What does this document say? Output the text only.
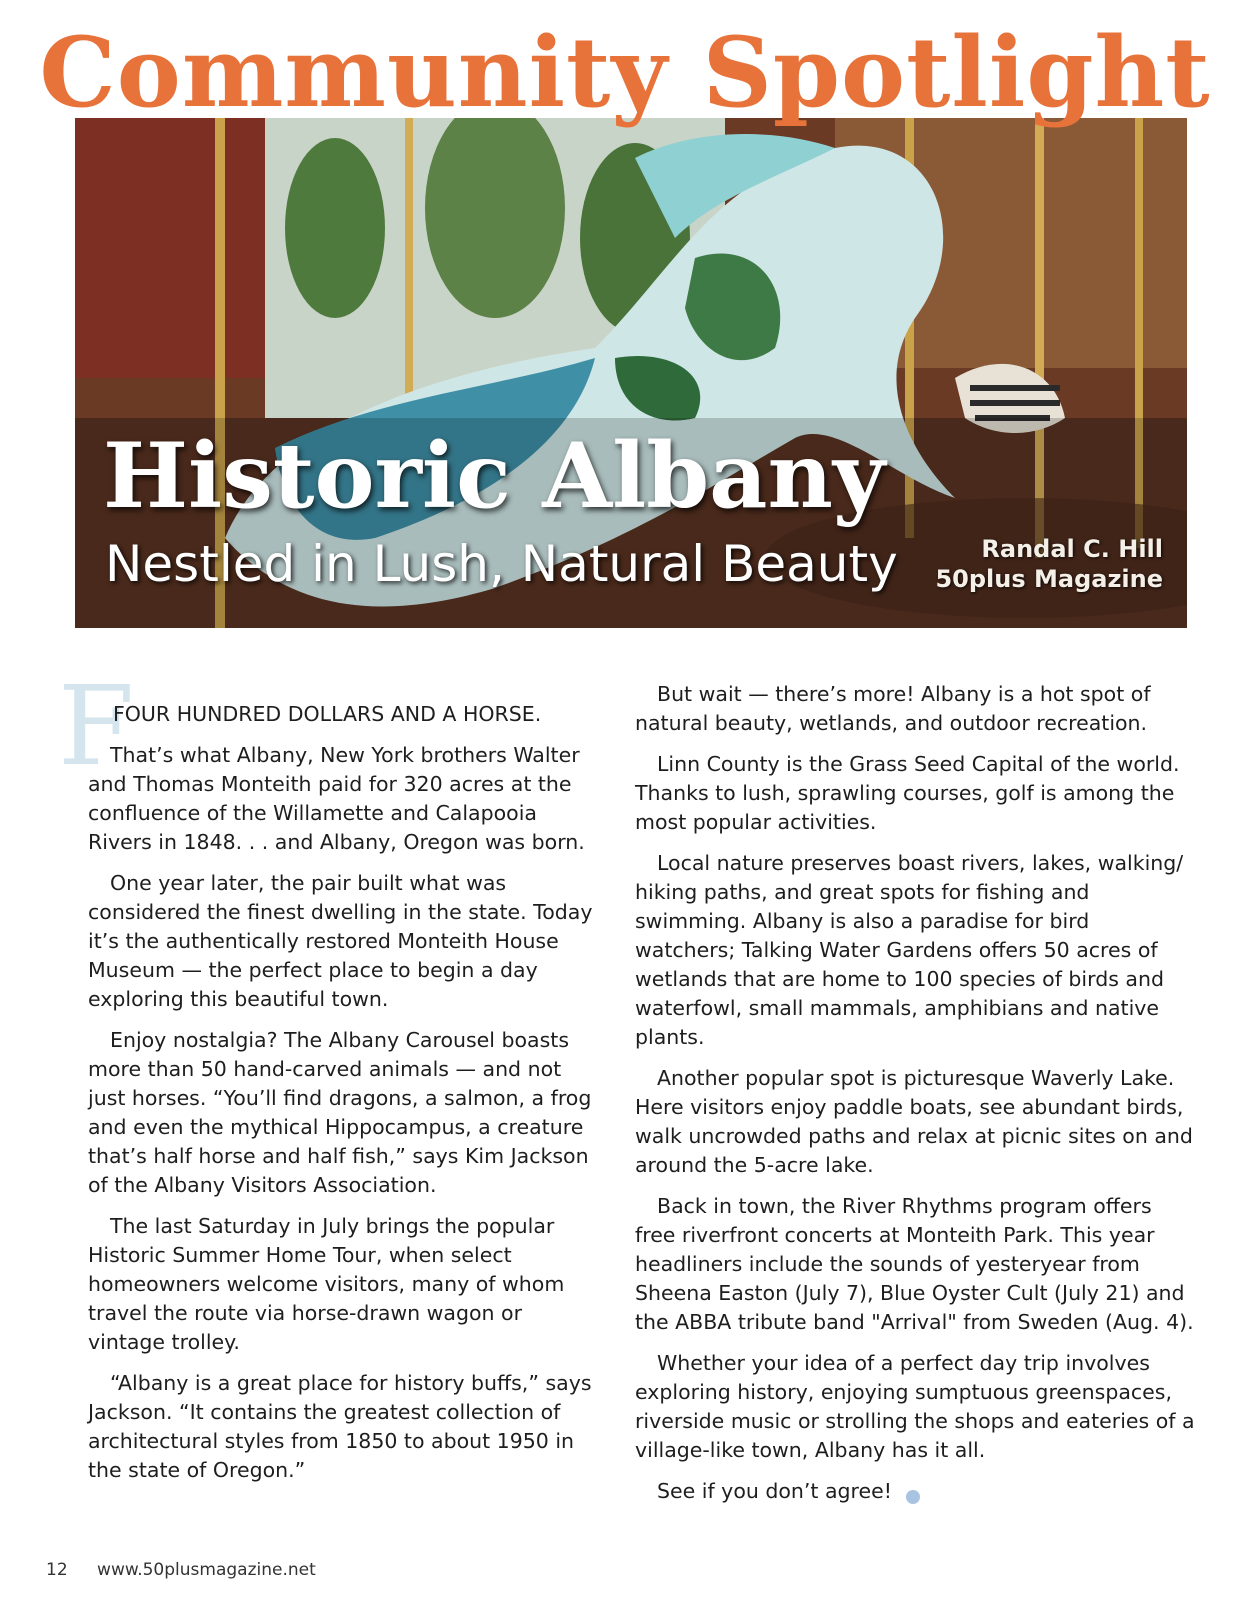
Community Spotlight
Historic Albany
Nestled in Lush, Natural Beauty	Randal C. Hill
50plus Magazine
F

FOUR HUNDRED DOLLARS AND A HORSE.

That’s what Albany, New York brothers Walter and Thomas Monteith paid for 320 acres at the confluence of the Willamette and Calapooia Rivers in 1848. . . and Albany, Oregon was born.

One year later, the pair built what was considered the finest dwelling in the state. Today it’s the authentically restored Monteith House Museum — the perfect place to begin a day exploring this beautiful town.

Enjoy nostalgia? The Albany Carousel boasts more than 50 hand-carved animals — and not just horses. “You’ll find dragons, a salmon, a frog and even the mythical Hippocampus, a creature that’s half horse and half fish,” says Kim Jackson of the Albany Visitors Association.

The last Saturday in July brings the popular Historic Summer Home Tour, when select homeowners welcome visitors, many of whom travel the route via horse-drawn wagon or vintage trolley.

“Albany is a great place for history buffs,” says Jackson. “It contains the greatest collection of architectural styles from 1850 to about 1950 in the state of Oregon.”

But wait — there’s more! Albany is a hot spot of natural beauty, wetlands, and outdoor recreation.

Linn County is the Grass Seed Capital of the world. Thanks to lush, sprawling courses, golf is among the most popular activities.

Local nature preserves boast rivers, lakes, walking/ hiking paths, and great spots for fishing and swimming. Albany is also a paradise for bird watchers; Talking Water Gardens offers 50 acres of wetlands that are home to 100 species of birds and waterfowl, small mammals, amphibians and native plants.

Another popular spot is picturesque Waverly Lake. Here visitors enjoy paddle boats, see abundant birds, walk uncrowded paths and relax at picnic sites on and around the 5-acre lake.

Back in town, the River Rhythms program offers free riverfront concerts at Monteith Park. This year headliners include the sounds of yesteryear from Sheena Easton (July 7), Blue Oyster Cult (July 21) and the ABBA tribute band "Arrival" from Sweden (Aug. 4).

Whether your idea of a perfect day trip involves exploring history, enjoying sumptuous greenspaces, riverside music or strolling the shops and eateries of a village-like town, Albany has it all.

See if you don’t agree!

12 www.50plusmagazine.net
